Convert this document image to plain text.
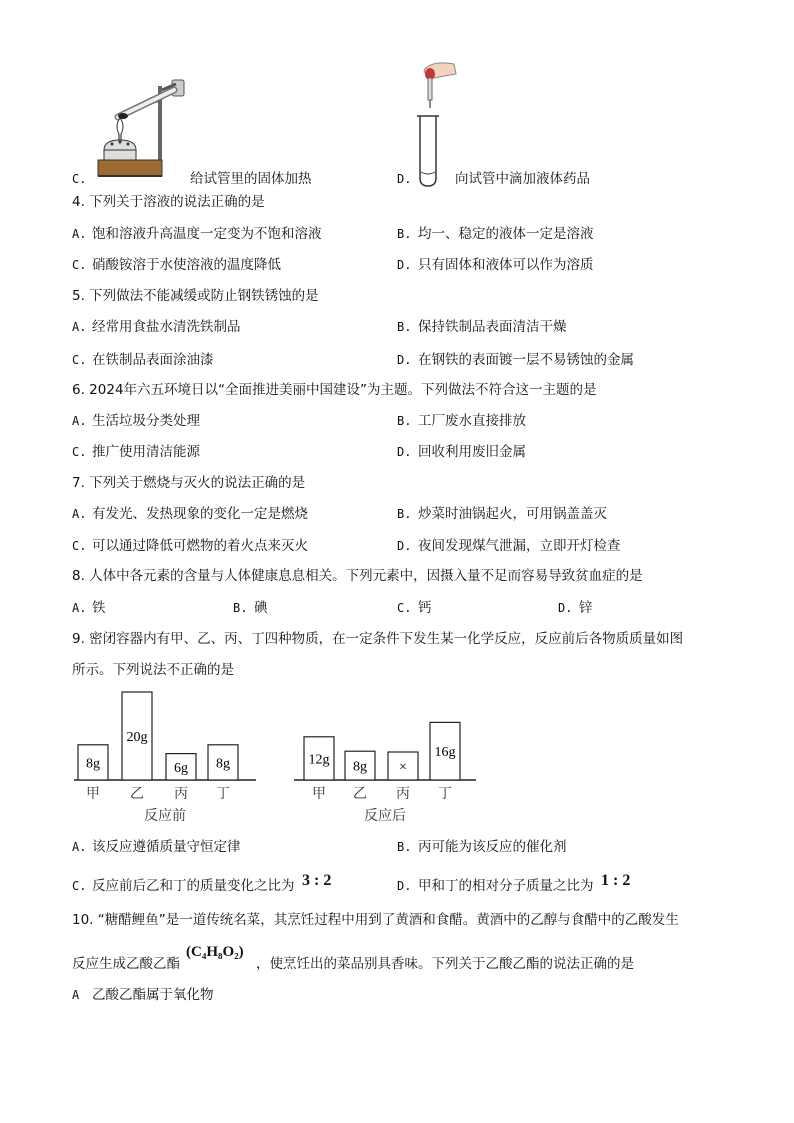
C.	给试管里的固体加热	D.	向试管中滴加液体药品
4. 下列关于溶液的说法正确的是
A. 饱和溶液升高温度一定变为不饱和溶液	B. 均一、稳定的液体一定是溶液
C. 硝酸铵溶于水使溶液的温度降低	D. 只有固体和液体可以作为溶质
5. 下列做法不能减缓或防止钢铁锈蚀的是
A. 经常用食盐水清洗铁制品	B. 保持铁制品表面清洁干燥
C. 在铁制品表面涂油漆	D. 在钢铁的表面镀一层不易锈蚀的金属
6. 2024年六五环境日以“全面推进美丽中国建设”为主题。下列做法不符合这一主题的是
A. 生活垃圾分类处理	B. 工厂废水直接排放
C. 推广使用清洁能源	D. 回收利用废旧金属
7. 下列关于燃烧与灭火的说法正确的是
A. 有发光、发热现象的变化一定是燃烧	B. 炒菜时油锅起火，可用锅盖盖灭
C. 可以通过降低可燃物的着火点来灭火	D. 夜间发现煤气泄漏，立即开灯检查
8. 人体中各元素的含量与人体健康息息相关。下列元素中，因摄入量不足而容易导致贫血症的是
A. 铁	B. 碘	C. 钙	D. 锌
9. 密闭容器内有甲、乙、丙、丁四种物质，在一定条件下发生某一化学反应，反应前后各物质质量如图
所示。下列说法不正确的是
8g
甲
20g
乙
6g
丙
8g
丁
反应前
12g
甲
8g
乙
×
丙
16g
丁
反应后
A. 该反应遵循质量守恒定律	B. 丙可能为该反应的催化剂
C. 反应前后乙和丁的质量变化之比为 3 : 2	D. 甲和丁的相对分子质量之比为 1 : 2
10. “糖醋鲤鱼”是一道传统名菜，其烹饪过程中用到了黄酒和食醋。黄酒中的乙醇与食醋中的乙酸发生
反应生成乙酸乙酯
(C₄H₈O₂)
，使烹饪出的菜品别具香味。下列关于乙酸乙酯的说法正确的是
A 乙酸乙酯属于氧化物
